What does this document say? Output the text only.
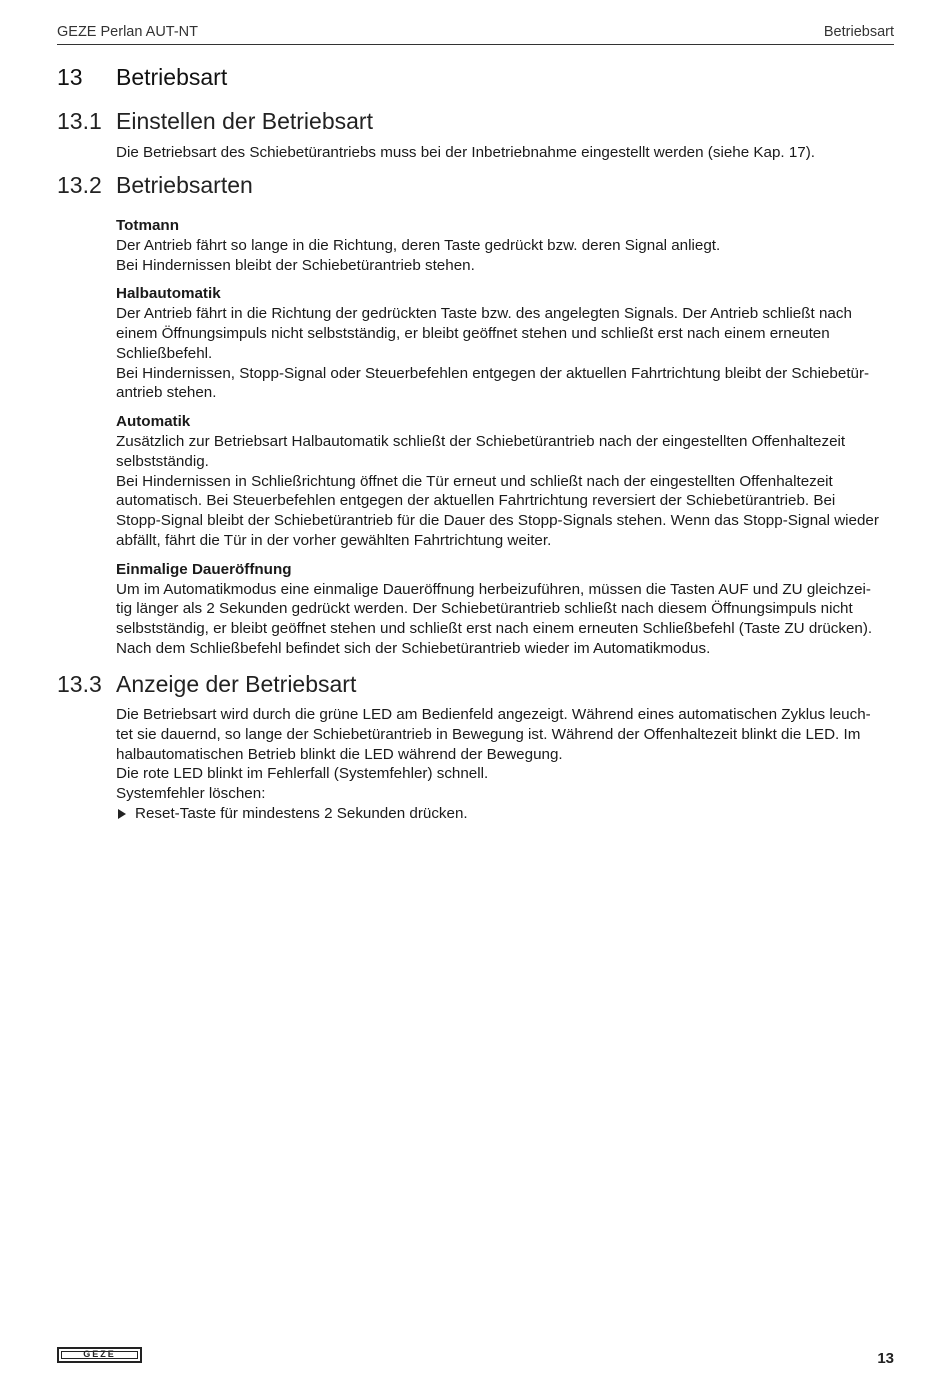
GEZE Perlan AUT-NT	Betriebsart
13 Betriebsart
13.1 Einstellen der Betriebsart

Die Betriebsart des Schiebetürantriebs muss bei der Inbetriebnahme eingestellt werden (siehe Kap. 17).

13.2 Betriebsarten

Totmann

Der Antrieb fährt so lange in die Richtung, deren Taste gedrückt bzw. deren Signal anliegt.

Bei Hindernissen bleibt der Schiebetürantrieb stehen.

Halbautomatik

Der Antrieb fährt in die Richtung der gedrückten Taste bzw. des angelegten Signals. Der Antrieb schließt nach

einem Öffnungsimpuls nicht selbstständig, er bleibt geöffnet stehen und schließt erst nach einem erneuten

Schließbefehl.

Bei Hindernissen, Stopp-Signal oder Steuerbefehlen entgegen der aktuellen Fahrtrichtung bleibt der Schiebetür-

antrieb stehen.

Automatik

Zusätzlich zur Betriebsart Halbautomatik schließt der Schiebetürantrieb nach der eingestellten Offenhaltezeit

selbstständig.

Bei Hindernissen in Schließrichtung öffnet die Tür erneut und schließt nach der eingestellten Offenhaltezeit

automatisch. Bei Steuerbefehlen entgegen der aktuellen Fahrtrichtung reversiert der Schiebetürantrieb. Bei

Stopp-Signal bleibt der Schiebetürantrieb für die Dauer des Stopp-Signals stehen. Wenn das Stopp-Signal wieder

abfällt, fährt die Tür in der vorher gewählten Fahrtrichtung weiter.

Einmalige Daueröffnung

Um im Automatikmodus eine einmalige Daueröffnung herbeizuführen, müssen die Tasten AUF und ZU gleichzei-

tig länger als 2 Sekunden gedrückt werden. Der Schiebetürantrieb schließt nach diesem Öffnungsimpuls nicht

selbstständig, er bleibt geöffnet stehen und schließt erst nach einem erneuten Schließbefehl (Taste ZU drücken).

Nach dem Schließbefehl befindet sich der Schiebetürantrieb wieder im Automatikmodus.

13.3 Anzeige der Betriebsart

Die Betriebsart wird durch die grüne LED am Bedienfeld angezeigt. Während eines automatischen Zyklus leuch-

tet sie dauernd, so lange der Schiebetürantrieb in Bewegung ist. Während der Offenhaltezeit blinkt die LED. Im

halbautomatischen Betrieb blinkt die LED während der Bewegung.

Die rote LED blinkt im Fehlerfall (Systemfehler) schnell.

Systemfehler löschen:

Reset-Taste für mindestens 2 Sekunden drücken.
GEZE	13
